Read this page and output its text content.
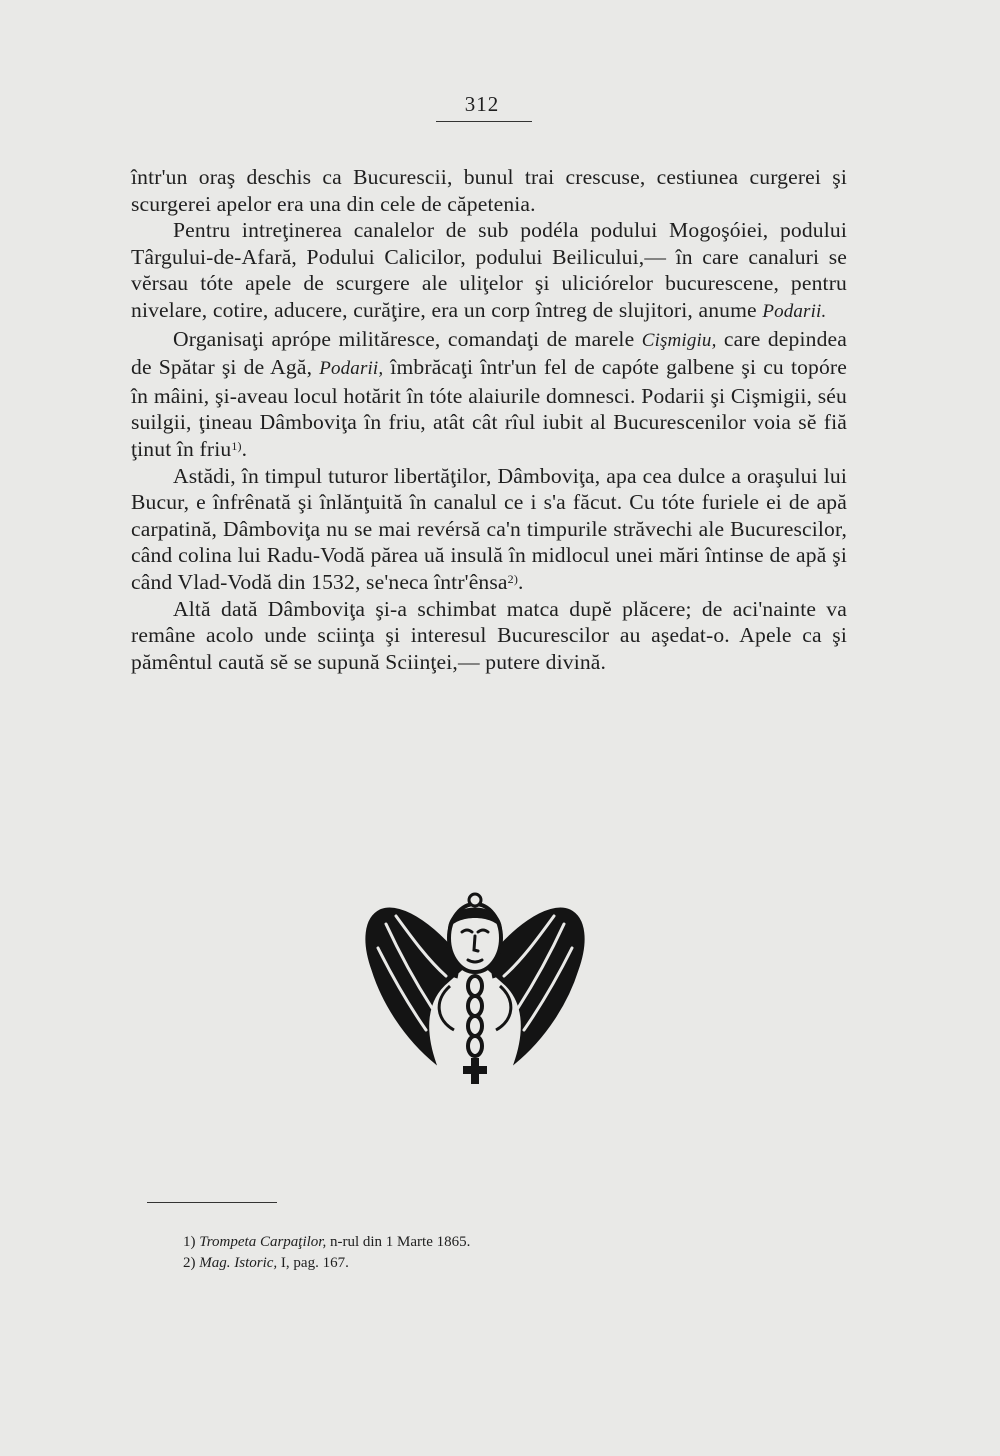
312

într'un oraş deschis ca Bucurescii, bunul trai crescuse, cestiunea curgerei şi scurgerei apelor era una din cele de căpetenia.

Pentru intreţinerea canalelor de sub podéla podului Mogoşóiei, podului Târgului-de-Afară, Podului Calicilor, podului Beilicului,— în care canaluri se vĕrsau tóte apele de scurgere ale uliţelor şi uliciórelor bucurescene, pentru nivelare, cotire, aducere, curăţire, era un corp întreg de slujitori, anume Podarii.

Organisaţi aprópe milităresce, comandaţi de marele Cişmigiu, care depindea de Spătar şi de Agă, Podarii, îmbrăcaţi într'un fel de capóte galbene şi cu topóre în mâini, şi-aveau locul hotărit în tóte alaiurile domnesci. Podarii şi Cişmigii, séu suilgii, ţineau Dâmboviţa în friu, atât cât rîul iubit al Bucurescenilor voia sĕ fiă ţinut în friu$^{1)}$.

Astădi, în timpul tuturor libertăţilor, Dâmboviţa, apa cea dulce a oraşului lui Bucur, e înfrênată şi înlănţuită în canalul ce i s'a făcut. Cu tóte furiele ei de apă carpatină, Dâmboviţa nu se mai revérsă ca'n timpurile străvechi ale Bucurescilor, când colina lui Radu-Vodă părea uă insulă în midlocul unei mări întinse de apă şi când Vlad-Vodă din 1532, se'neca într'ênsa$^{2)}$.

Altă dată Dâmboviţa şi-a schimbat matca dupĕ plăcere; de aci'nainte va remâne acolo unde sciinţa şi interesul Bucurescilor au aşedat-o. Apele ca şi pămêntul caută sĕ se supună Sciinţei,— putere divină.

1) Trompeta Carpaţilor, n-rul din 1 Marte 1865.
2) Mag. Istoric, I, pag. 167.
